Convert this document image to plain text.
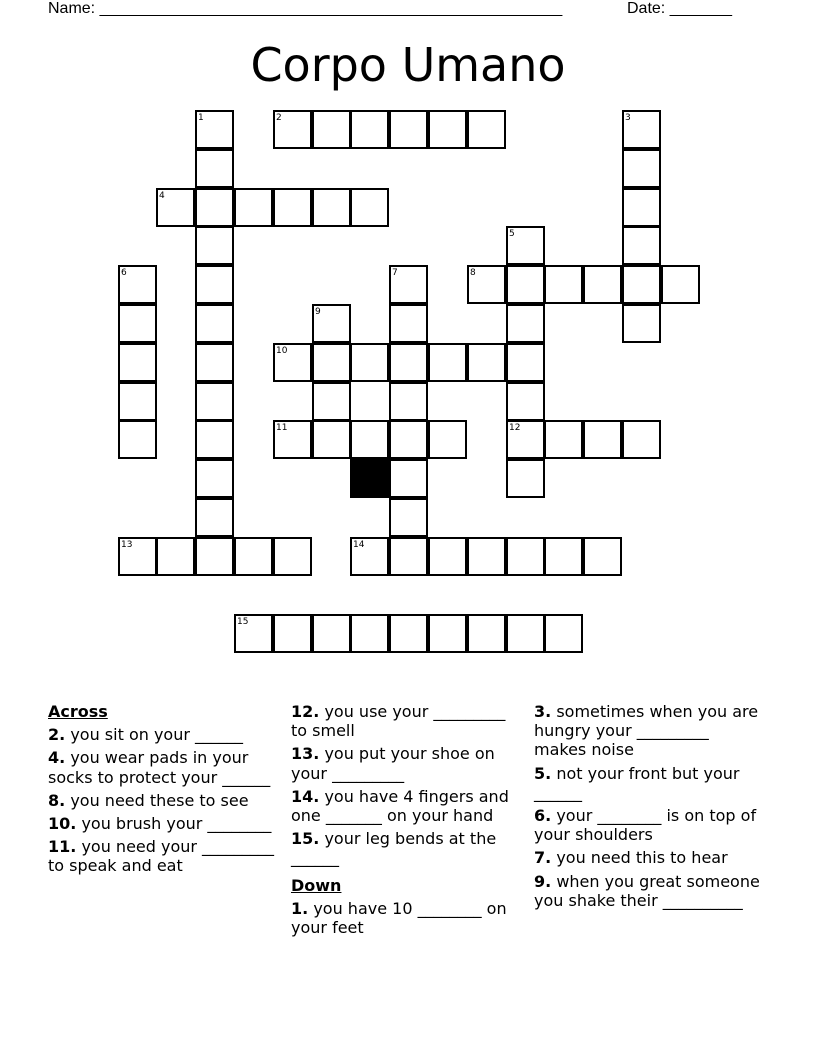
Name: ____________________________________________________	Date: _______
Corpo Umano
1	2	3
4
5
6	7	8
9
10
11	12
13	14
15
Across
2. you sit on your ______
4. you wear pads in your socks to protect your ______
8. you need these to see
10. you brush your ________
11. you need your _________ to speak and eat
12. you use your _________ to smell
13. you put your shoe on your _________
14. you have 4 fingers and one _______ on your hand
15. your leg bends at the ______
Down
1. you have 10 ________ on your feet
3. sometimes when you are hungry your _________ makes noise
5. not your front but your ______
6. your ________ is on top of your shoulders
7. you need this to hear
9. when you great someone you shake their __________
